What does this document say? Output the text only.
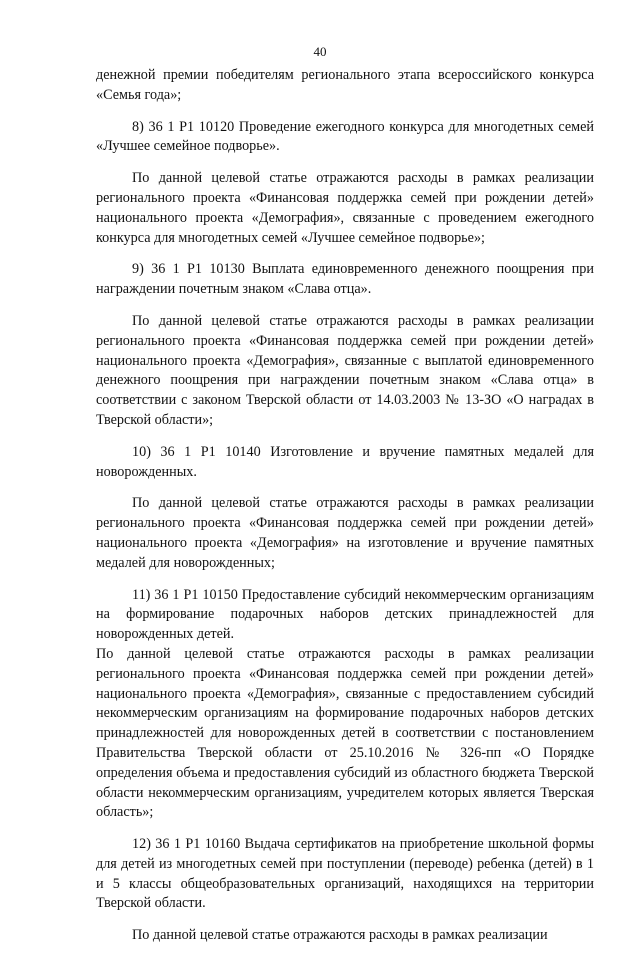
40

денежной премии победителям регионального этапа всероссийского конкурса «Семья года»;

8) 36 1 P1 10120 Проведение ежегодного конкурса для многодетных семей «Лучшее семейное подворье».

По данной целевой статье отражаются расходы в рамках реализации регионального проекта «Финансовая поддержка семей при рождении детей» национального проекта «Демография», связанные с проведением ежегодного конкурса для многодетных семей «Лучшее семейное подворье»;

9) 36 1 P1 10130 Выплата единовременного денежного поощрения при награждении почетным знаком «Слава отца».

По данной целевой статье отражаются расходы в рамках реализации регионального проекта «Финансовая поддержка семей при рождении детей» национального проекта «Демография», связанные с выплатой единовременного денежного поощрения при награждении почетным знаком «Слава отца» в соответствии с законом Тверской области от 14.03.2003 № 13-ЗО «О наградах в Тверской области»;

10) 36 1 P1 10140 Изготовление и вручение памятных медалей для новорожденных.

По данной целевой статье отражаются расходы в рамках реализации регионального проекта «Финансовая поддержка семей при рождении детей» национального проекта «Демография» на изготовление и вручение памятных медалей для новорожденных;

11) 36 1 P1 10150 Предоставление субсидий некоммерческим организациям на формирование подарочных наборов детских принадлежностей для новорожденных детей.

По данной целевой статье отражаются расходы в рамках реализации регионального проекта «Финансовая поддержка семей при рождении детей» национального проекта «Демография», связанные с предоставлением субсидий некоммерческим организациям на формирование подарочных наборов детских принадлежностей для новорожденных детей в соответствии с постановлением Правительства Тверской области от 25.10.2016 № 326-пп «О Порядке определения объема и предоставления субсидий из областного бюджета Тверской области некоммерческим организациям, учредителем которых является Тверская область»;

12) 36 1 P1 10160 Выдача сертификатов на приобретение школьной формы для детей из многодетных семей при поступлении (переводе) ребенка (детей) в 1 и 5 классы общеобразовательных организаций, находящихся на территории Тверской области.

По данной целевой статье отражаются расходы в рамках реализации
